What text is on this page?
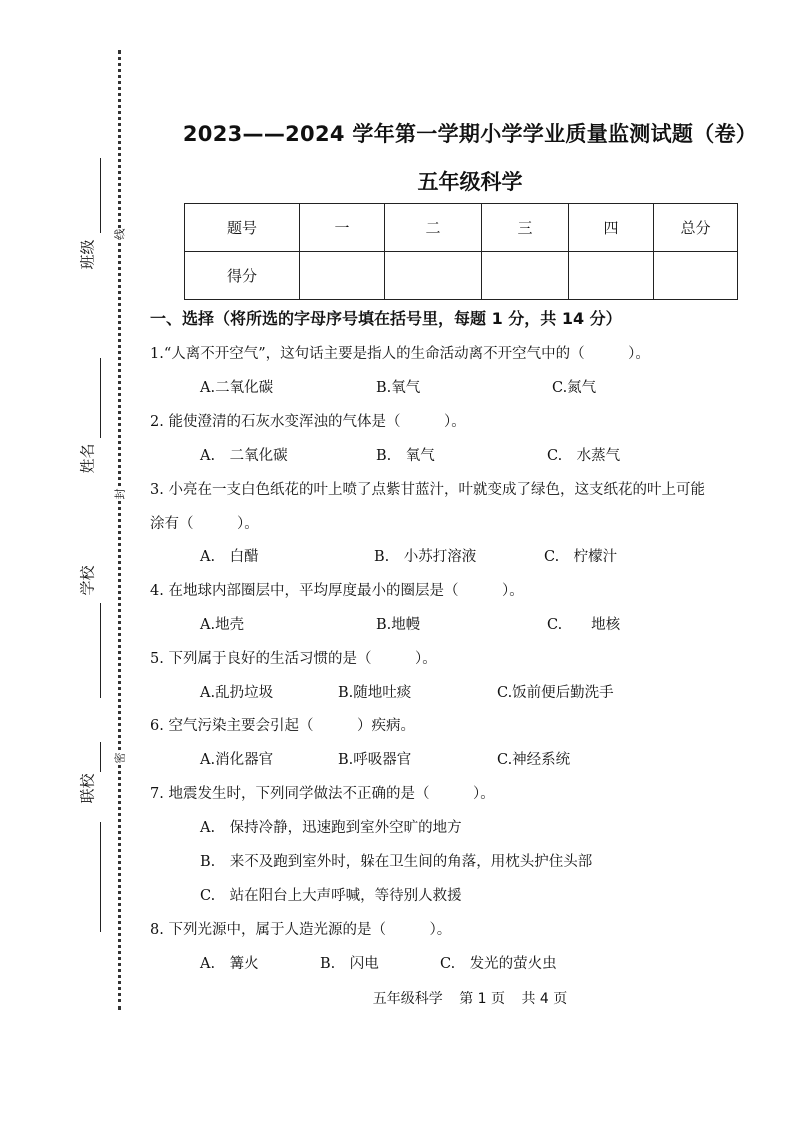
班级
线
姓名
封
学校
联校
密
2023——2024 学年第一学期小学学业质量监测试题（卷）
五年级科学
题号	一	二	三	四	总分
得分					
一、选择（将所选的字母序号填在括号里，每题 1 分，共 14 分）
1.“人离不开空气”，这句话主要是指人的生命活动离不开空气中的（　　　）。
A.二氧化碳	B.氧气	C.氮气
2. 能使澄清的石灰水变浑浊的气体是（　　　）。
A.　二氧化碳	B.　氧气	C.　水蒸气
3. 小亮在一支白色纸花的叶上喷了点紫甘蓝汁，叶就变成了绿色，这支纸花的叶上可能
涂有（　　　）。
A.　白醋	B.　小苏打溶液	C.　柠檬汁
4. 在地球内部圈层中，平均厚度最小的圈层是（　　　）。
A.地壳	B.地幔	C.　　地核
5. 下列属于良好的生活习惯的是（　　　）。
A.乱扔垃圾	B.随地吐痰	C.饭前便后勤洗手
6. 空气污染主要会引起（　　　）疾病。
A.消化器官	B.呼吸器官	C.神经系统
7. 地震发生时，下列同学做法不正确的是（　　　）。
A.　保持冷静，迅速跑到室外空旷的地方
B.　来不及跑到室外时，躲在卫生间的角落，用枕头护住头部
C.　站在阳台上大声呼喊，等待别人救援
8. 下列光源中，属于人造光源的是（　　　）。
A.　篝火	B.　闪电	C.　发光的萤火虫
五年级科学 第 1 页 共 4 页
